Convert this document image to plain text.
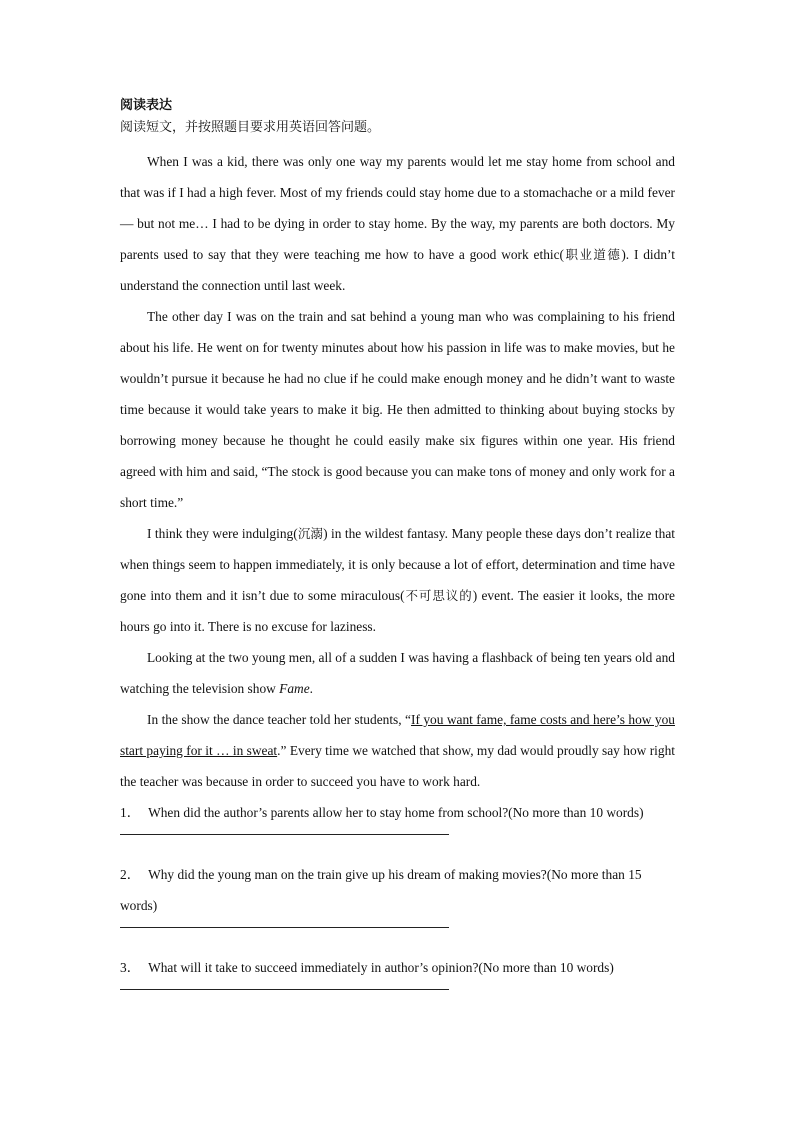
阅读表达

阅读短文，并按照题目要求用英语回答问题。

When I was a kid, there was only one way my parents would let me stay home from school and that was if I had a high fever. Most of my friends could stay home due to a stomachache or a mild fever — but not me… I had to be dying in order to stay home. By the way, my parents are both doctors. My parents used to say that they were teaching me how to have a good work ethic(职业道德). I didn’t understand the connection until last week.

The other day I was on the train and sat behind a young man who was complaining to his friend about his life. He went on for twenty minutes about how his passion in life was to make movies, but he wouldn’t pursue it because he had no clue if he could make enough money and he didn’t want to waste time because it would take years to make it big. He then admitted to thinking about buying stocks by borrowing money because he thought he could easily make six figures within one year. His friend agreed with him and said, “The stock is good because you can make tons of money and only work for a short time.”

I think they were indulging(沉溺) in the wildest fantasy. Many people these days don’t realize that when things seem to happen immediately, it is only because a lot of effort, determination and time have gone into them and it isn’t due to some miraculous(不可思议的) event. The easier it looks, the more hours go into it. There is no excuse for laziness.

Looking at the two young men, all of a sudden I was having a flashback of being ten years old and watching the television show Fame.

In the show the dance teacher told her students, “If you want fame, fame costs and here’s how you start paying for it … in sweat.” Every time we watched that show, my dad would proudly say how right the teacher was because in order to succeed you have to work hard.

1． When did the author’s parents allow her to stay home from school?(No more than 10 words)

2． Why did the young man on the train give up his dream of making movies?(No more than 15 words)

3． What will it take to succeed immediately in author’s opinion?(No more than 10 words)
